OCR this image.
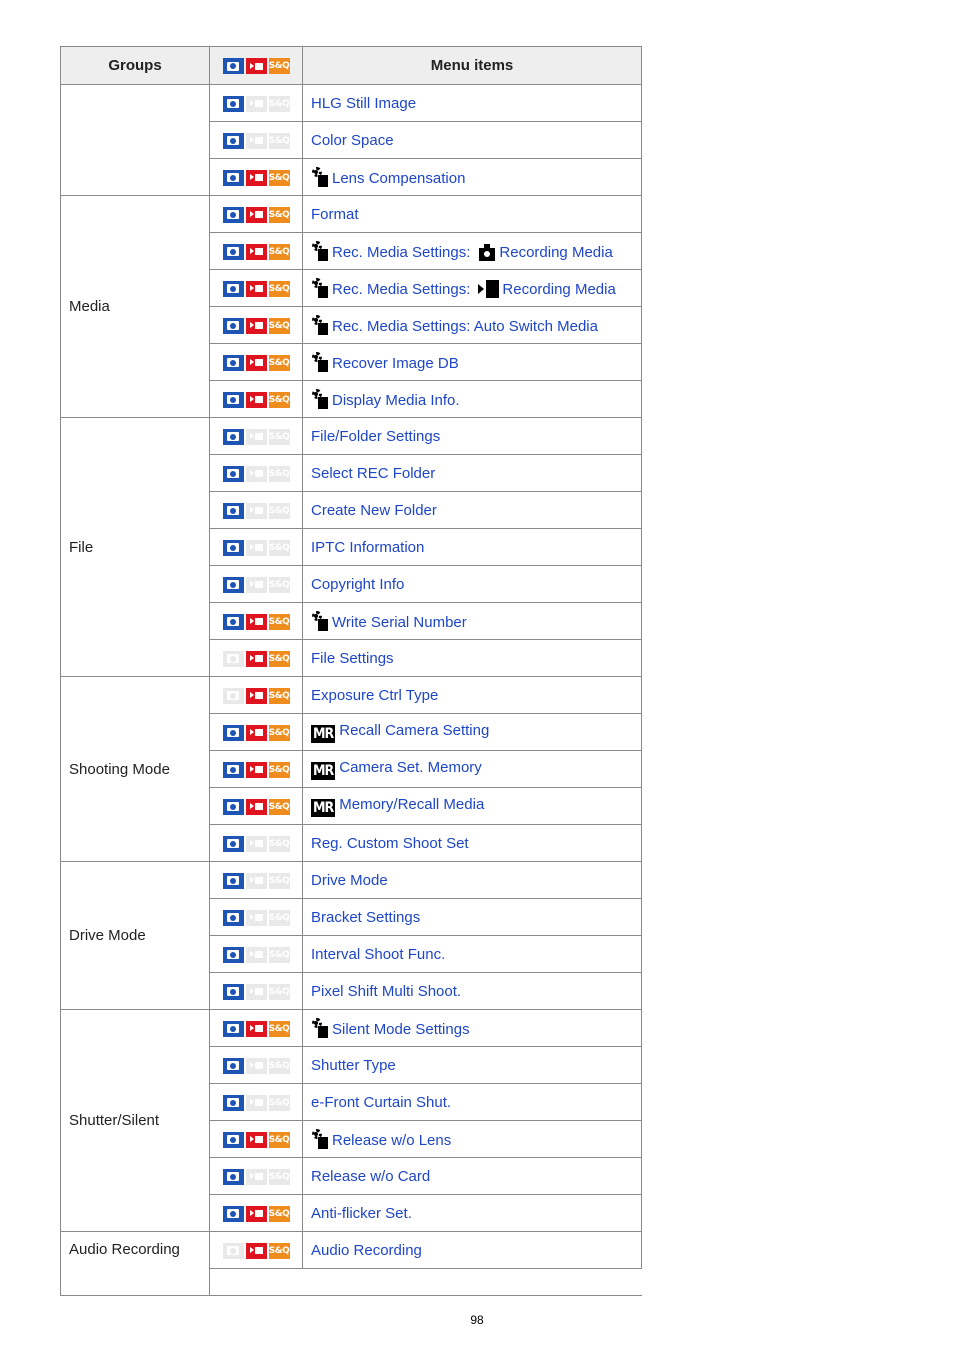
Groups	S&Q	Menu items

S&Q	HLG Still Image

S&Q	Color Space

S&Q	Lens Compensation
Media	S&Q	Format

S&Q	Rec. Media Settings: Recording Media

S&Q	Rec. Media Settings: Recording Media

S&Q	Rec. Media Settings: Auto Switch Media

S&Q	Recover Image DB

S&Q	Display Media Info.
File	S&Q	File/Folder Settings

S&Q	Select REC Folder

S&Q	Create New Folder

S&Q	IPTC Information

S&Q	Copyright Info

S&Q	Write Serial Number

S&Q	File Settings
Shooting Mode	S&Q	Exposure Ctrl Type

S&Q	MR Recall Camera Setting

S&Q	MR Camera Set. Memory

S&Q	MR Memory/Recall Media

S&Q	Reg. Custom Shoot Set
Drive Mode	S&Q	Drive Mode

S&Q	Bracket Settings

S&Q	Interval Shoot Func.

S&Q	Pixel Shift Multi Shoot.
Shutter/Silent	S&Q	Silent Mode Settings

S&Q	Shutter Type

S&Q	e-Front Curtain Shut.

S&Q	Release w/o Lens

S&Q	Release w/o Card

S&Q	Anti-flicker Set.
Audio Recording	S&Q	Audio Recording

98
